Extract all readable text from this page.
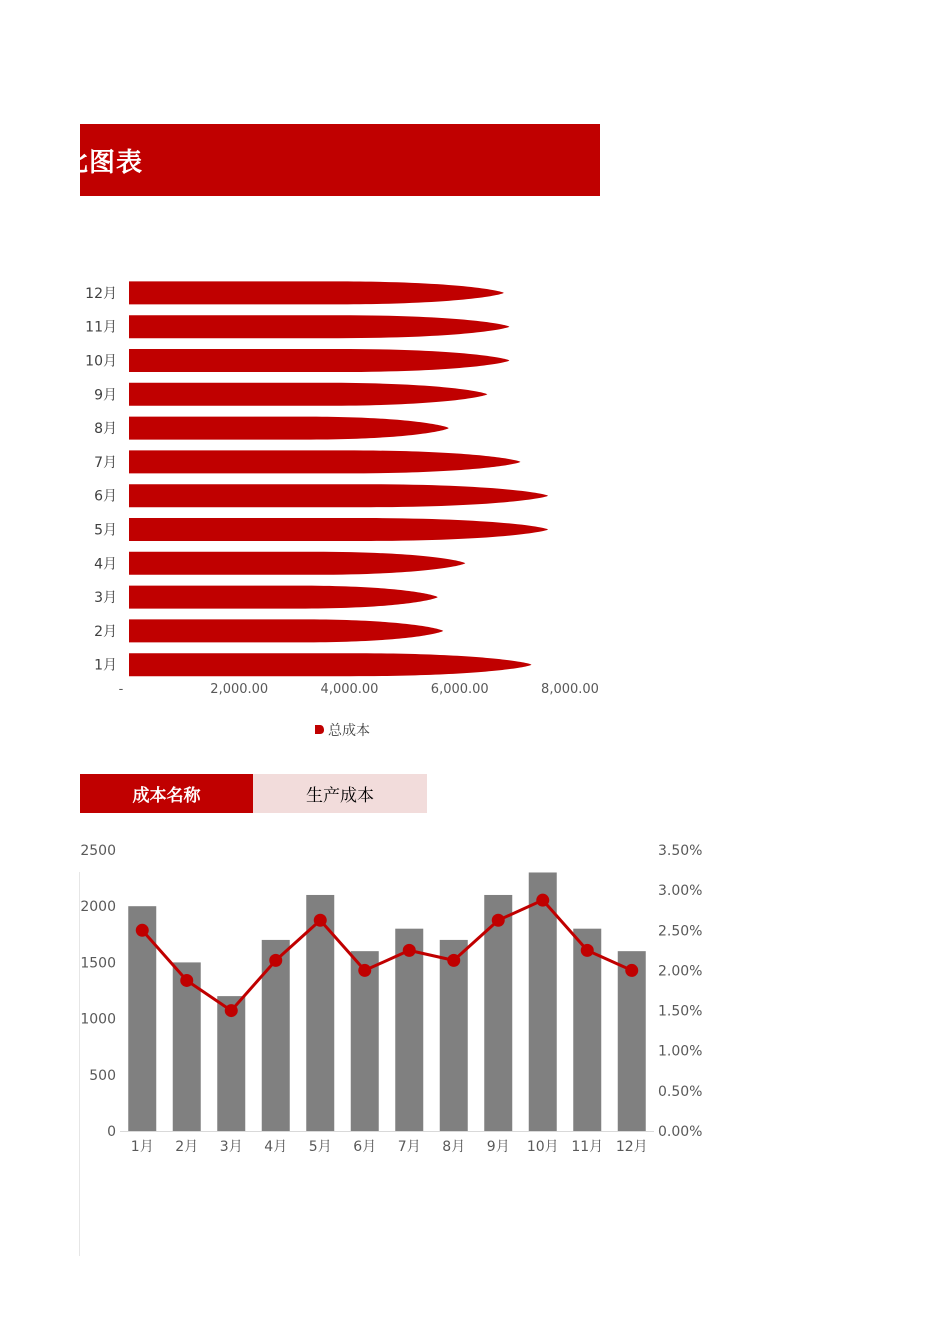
比图表
1月
2月
3月
4月
5月
6月
7月
8月
9月
10月
11月
12月
-	2,000.00	4,000.00	6,000.00	8,000.00
总成本
成本名称	生产成本
0
500
1000
1500
2000
2500
0.00%
0.50%
1.00%
1.50%
2.00%
2.50%
3.00%
3.50%
1月 2月 3月 4月 5月 6月 7月 8月 9月 10月 11月 12月
